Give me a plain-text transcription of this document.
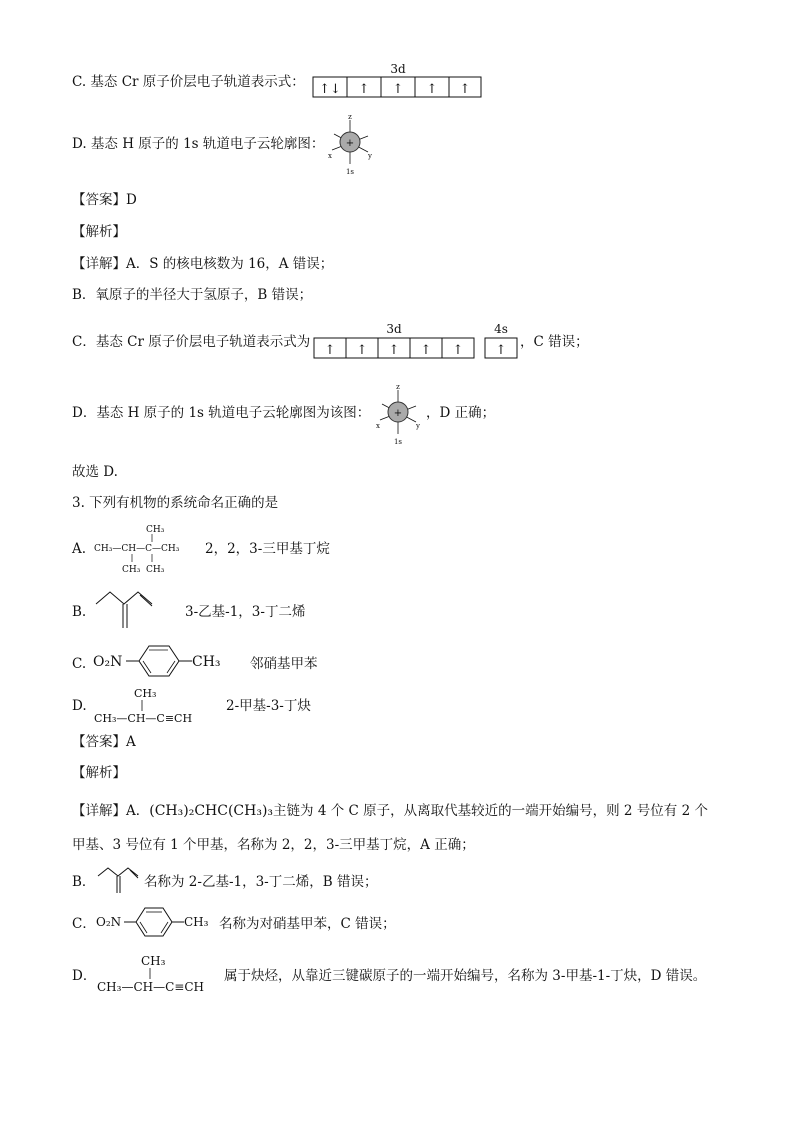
C. 基态 Cr 原子价层电子轨道表示式：
3d
↑↓ ↑ ↑ ↑ ↑
D. 基态 H 原子的 1s 轨道电子云轮廓图： +
z
x	y
1s
【答案】D
【解析】
【详解】A．S 的核电核数为 16，A 错误；
B．氧原子的半径大于氢原子，B 错误；
C．基态 Cr 原子价层电子轨道表示式为
3d	4s
↑ ↑ ↑ ↑ ↑ ↑
，C 错误；
D．基态 H 原子的 1s 轨道电子云轮廓图为该图： +
z
x	y
1s
，D 正确；
故选 D.
3. 下列有机物的系统命名正确的是
A.
CH₃
CH₃—CH—C—CH₃
CH₃ CH₃
2，2，3-三甲基丁烷
B.	3-乙基-1，3-丁二烯
C. O₂N	CH₃ 邻硝基甲苯
D.
CH₃
CH₃—CH—C≡CH
2-甲基-3-丁炔
【答案】A
【解析】
【详解】A．(CH₃)₂CHC(CH₃)₃主链为 4 个 C 原子，从离取代基较近的一端开始编号，则 2 号位有 2 个
甲基、3 号位有 1 个甲基，名称为 2，2，3-三甲基丁烷，A 正确；
B．	名称为 2-乙基-1，3-丁二烯，B 错误；
C． O₂N	CH₃ 名称为对硝基甲苯，C 错误；
D．
CH₃
CH₃—CH—C≡CH
属于炔烃，从靠近三键碳原子的一端开始编号，名称为 3-甲基-1-丁炔，D 错误。
